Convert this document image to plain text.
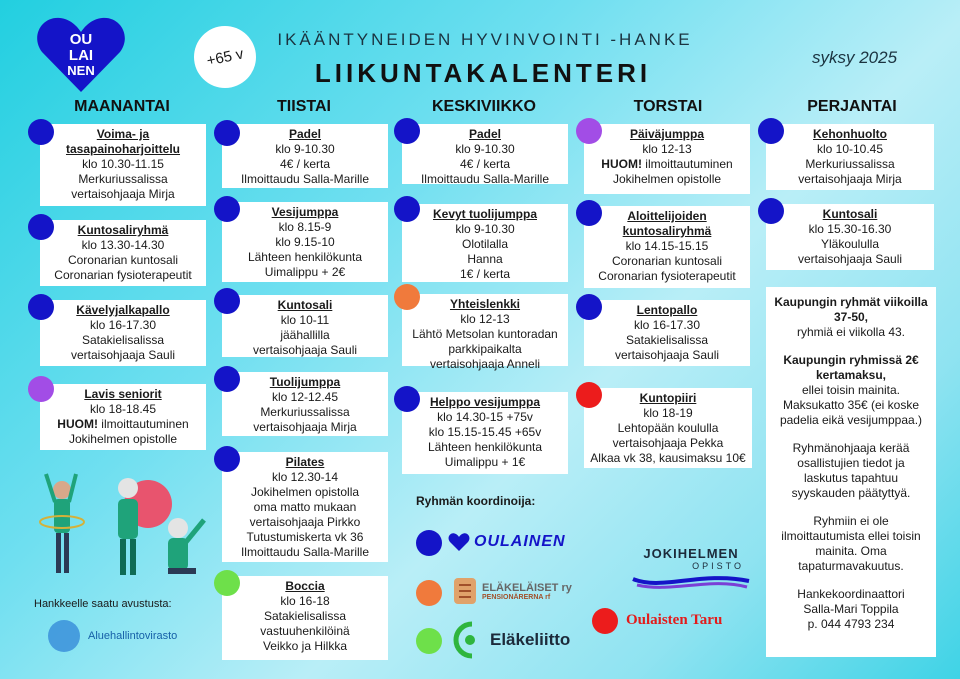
OU
LAI
NEN
+65 v
IKÄÄNTYNEIDEN HYVINVOINTI -HANKE
LIIKUNTAKALENTERI
syksy 2025
MAANANTAI	TIISTAI	KESKIVIIKKO	TORSTAI	PERJANTAI
Voima- ja tasapainoharjoittelu
klo 10.30-11.15
Merkuriussalissa
vertaisohjaaja Mirja
Kuntosaliryhmä
klo 13.30-14.30
Coronarian kuntosali
Coronarian fysioterapeutit
Kävelyjalkapallo
klo 16-17.30
Satakielisalissa
vertaisohjaaja Sauli
Lavis seniorit
klo 18-18.45
HUOM! ilmoittautuminen
Jokihelmen opistolle
Hankkeelle saatu avustusta:
Aluehallintovirasto
Padel
klo 9-10.30
4€ / kerta
Ilmoittaudu Salla-Marille
Vesijumppa
klo 8.15-9
klo 9.15-10
Lähteen henkilökunta
Uimalippu + 2€
Kuntosali
klo 10-11
jäähallilla
vertaisohjaaja Sauli
Tuolijumppa
klo 12-12.45
Merkuriussalissa
vertaisohjaaja Mirja
Pilates
klo 12.30-14
Jokihelmen opistolla
oma matto mukaan
vertaisohjaaja Pirkko
Tutustumiskerta vk 36
Ilmoittaudu Salla-Marille
Boccia
klo 16-18
Satakielisalissa
vastuuhenkilöinä
Veikko ja Hilkka
Padel
klo 9-10.30
4€ / kerta
Ilmoittaudu Salla-Marille
Kevyt tuolijumppa
klo 9-10.30
Olotilalla
Hanna
1€ / kerta
Yhteislenkki
klo 12-13
Lähtö Metsolan kuntoradan
parkkipaikalta
vertaisohjaaja Anneli
Helppo vesijumppa
klo 14.30-15 +75v
klo 15.15-15.45 +65v
Lähteen henkilökunta
Uimalippu + 1€
Ryhmän koordinoija:
OULAINEN
ELÄKELÄISET ry
PENSIONÄRERNA rf
Eläkeliitto
JOKIHELMEN
OPISTO
Oulaisten Taru
Päiväjumppa
klo 12-13
HUOM! ilmoittautuminen
Jokihelmen opistolle
Aloittelijoiden kuntosaliryhmä
klo 14.15-15.15
Coronarian kuntosali
Coronarian fysioterapeutit
Lentopallo
klo 16-17.30
Satakielisalissa
vertaisohjaaja Sauli
Kuntopiiri
klo 18-19
Lehtopään koululla
vertaisohjaaja Pekka
Alkaa vk 38, kausimaksu 10€
Kehonhuolto
klo 10-10.45
Merkuriussalissa
vertaisohjaaja Mirja
Kuntosali
klo 15.30-16.30
Yläkoululla
vertaisohjaaja Sauli

Kaupungin ryhmät viikoilla 37-50,
ryhmiä ei viikolla 43.

Kaupungin ryhmissä 2€ kertamaksu,
ellei toisin mainita. Maksukatto 35€ (ei koske padelia eikä vesijumppaa.)

Ryhmänohjaaja kerää osallistujien tiedot ja laskutus tapahtuu syyskauden päätyttyä.

Ryhmiin ei ole ilmoittautumista ellei toisin mainita. Oma tapaturmavakuutus.

Hankekoordinaattori
Salla-Mari Toppila
p. 044 4793 234
